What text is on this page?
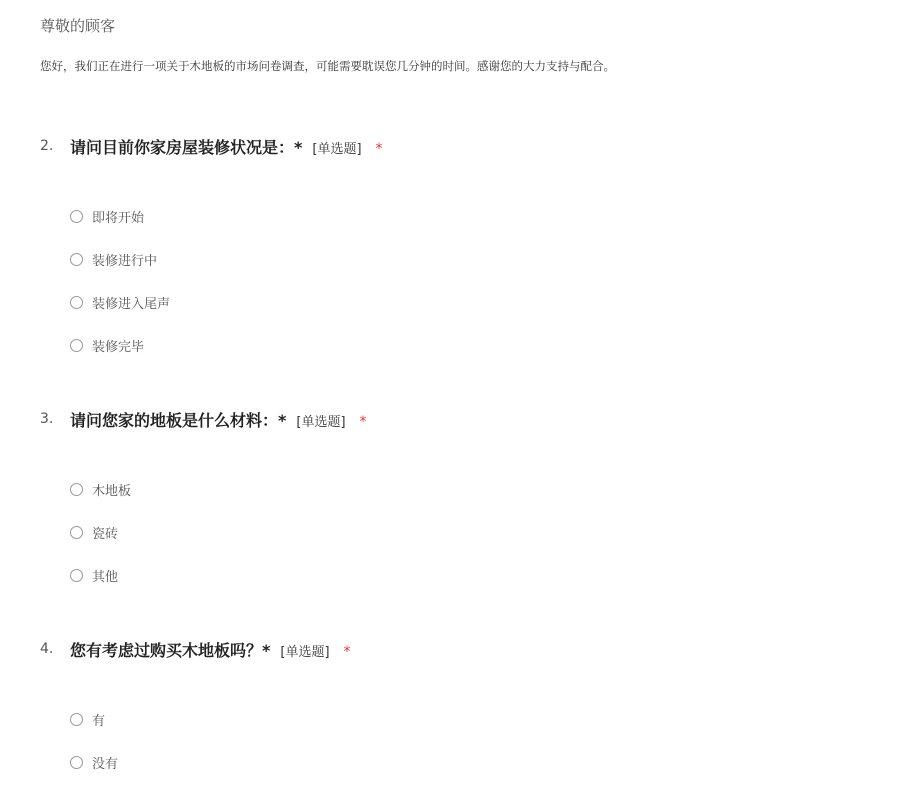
尊敬的顾客
您好，我们正在进行一项关于木地板的市场问卷调查，可能需要耽误您几分钟的时间。感谢您的大力支持与配合。
2. 请问目前你家房屋装修状况是：* [单选题] *
即将开始
装修进行中
装修进入尾声
装修完毕
3. 请问您家的地板是什么材料：* [单选题] *
木地板
瓷砖
其他
4. 您有考虑过购买木地板吗？* [单选题] *
有
没有
